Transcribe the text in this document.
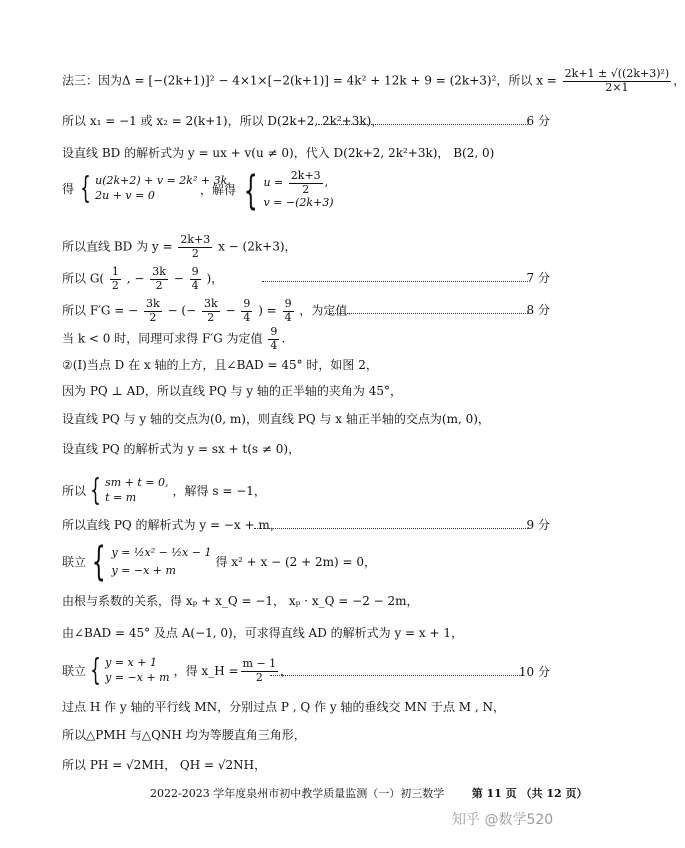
法三：因为Δ = [−(2k+1)]² − 4×1×[−2(k+1)] = 4k² + 12k + 9 = (2k+3)²，所以 $x = \frac{\text{2k+1 ± √((2k+3)²)}}{2\times 1}$ ，
所以 x₁ = −1 或 x₂ = 2(k+1)，所以 D(2k+2, 2k²+3k)，	6 分
设直线 BD 的解析式为 y = ux + v(u ≠ 0)，代入 D(2k+2, 2k²+3k)， B(2, 0)
得 { u(2k+2) + v = 2k² + 3k,
2u + v = 0	，解得 { $u = \frac{2k+3}{2}$ ,
v = −(2k+3)
所以直线 BD 为 $y = \frac{2k+3}{2}$ x − (2k+3)，
所以 $G( \frac{1}{2}$ , − $\frac{3k}{2} - \frac{9}{4}$ )，	7 分
所以 F′G = − $\frac{3k}{2}$ − (− $\frac{3k}{2} - \frac{9}{4}$ ) = $\frac{9}{4}$ ，为定值.	8 分
当 k < 0 时，同理可求得 F′G 为定值 $\frac{9}{4}$ .
②(Ⅰ)当点 D 在 x 轴的上方，且∠BAD = 45° 时，如图 2，
因为 PQ ⊥ AD，所以直线 PQ 与 y 轴的正半轴的夹角为 45°，
设直线 PQ 与 y 轴的交点为(0, m)，则直线 PQ 与 x 轴正半轴的交点为(m, 0)，
设直线 PQ 的解析式为 y = sx + t(s ≠ 0)，
所以 { sm + t = 0,
t = m	，解得 s = −1，
所以直线 PQ 的解析式为 y = −x + m，	9 分
联立 { y = ½x² − ½x − 1
y = −x + m
得 x² + x − (2 + 2m) = 0，
由根与系数的关系，得 xₚ + x_Q = −1， xₚ · x_Q = −2 − 2m，
由∠BAD = 45° 及点 A(−1, 0)，可求得直线 AD 的解析式为 y = x + 1，
联立 { y = x + 1
y = −x + m ，得 x_H = $\frac{m - 1}{2}$ ，	10 分
过点 H 作 y 轴的平行线 MN，分别过点 P , Q 作 y 轴的垂线交 MN 于点 M , N，
所以△PMH 与△QNH 均为等腰直角三角形，
所以 PH = √2MH， QH = √2NH，
2022-2023 学年度泉州市初中教学质量监测（一）初三数学	第 11 页 （共 12 页）
知乎 @数学520
